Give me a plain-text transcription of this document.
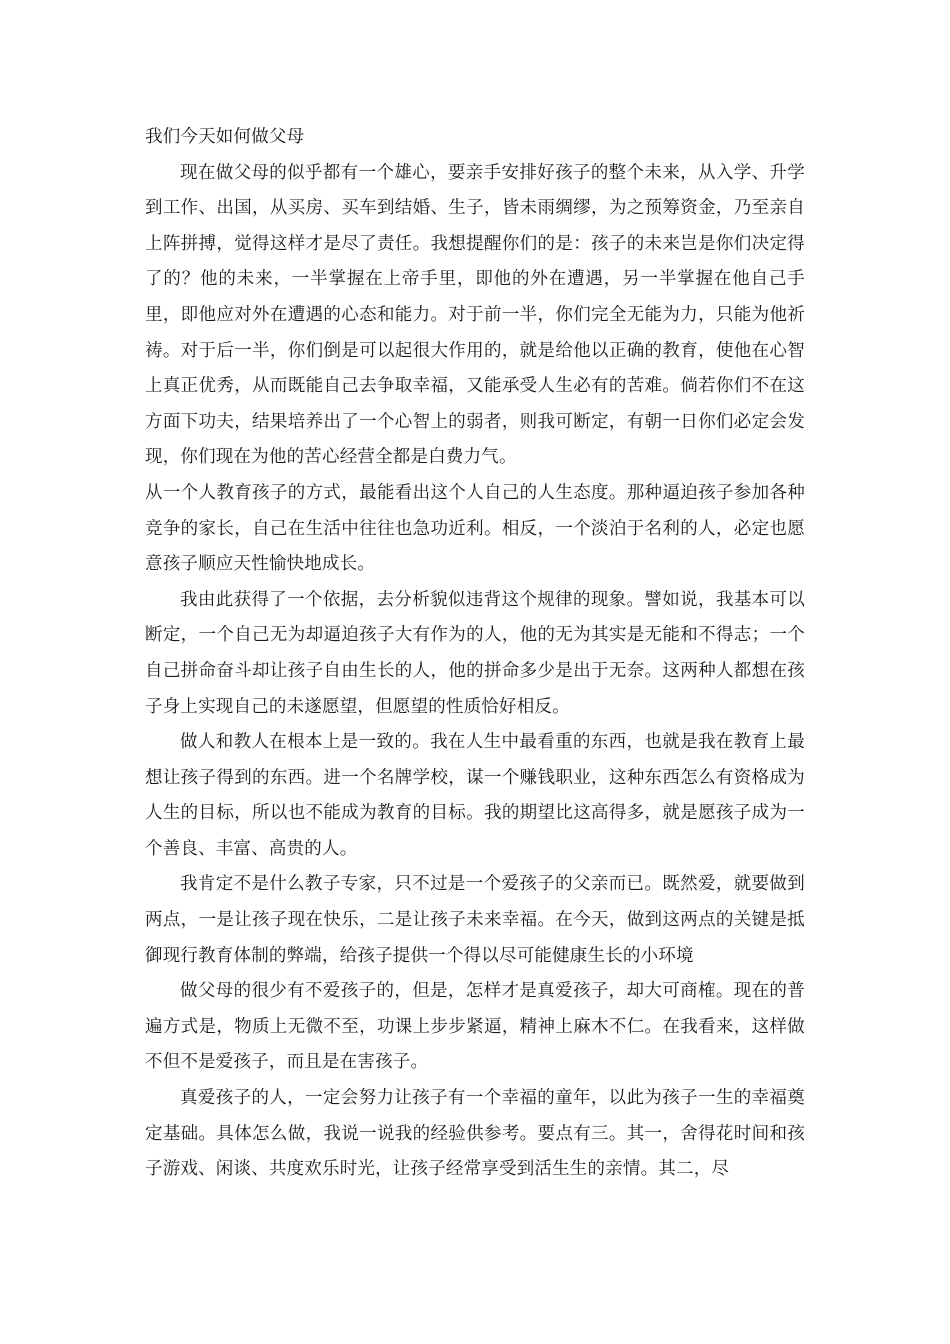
我们今天如何做父母

现在做父母的似乎都有一个雄心，要亲手安排好孩子的整个未来，从入学、升学到工作、出国，从买房、买车到结婚、生子，皆未雨绸缪，为之预筹资金，乃至亲自上阵拼搏，觉得这样才是尽了责任。我想提醒你们的是：孩子的未来岂是你们决定得了的？他的未来，一半掌握在上帝手里，即他的外在遭遇，另一半掌握在他自己手里，即他应对外在遭遇的心态和能力。对于前一半，你们完全无能为力，只能为他祈祷。对于后一半，你们倒是可以起很大作用的，就是给他以正确的教育，使他在心智上真正优秀，从而既能自己去争取幸福，又能承受人生必有的苦难。倘若你们不在这方面下功夫，结果培养出了一个心智上的弱者，则我可断定，有朝一日你们必定会发现，你们现在为他的苦心经营全都是白费力气。

从一个人教育孩子的方式，最能看出这个人自己的人生态度。那种逼迫孩子参加各种竞争的家长，自己在生活中往往也急功近利。相反，一个淡泊于名利的人，必定也愿意孩子顺应天性愉快地成长。

我由此获得了一个依据，去分析貌似违背这个规律的现象。譬如说，我基本可以断定，一个自己无为却逼迫孩子大有作为的人，他的无为其实是无能和不得志；一个自己拼命奋斗却让孩子自由生长的人，他的拼命多少是出于无奈。这两种人都想在孩子身上实现自己的未遂愿望，但愿望的性质恰好相反。

做人和教人在根本上是一致的。我在人生中最看重的东西，也就是我在教育上最想让孩子得到的东西。进一个名牌学校，谋一个赚钱职业，这种东西怎么有资格成为人生的目标，所以也不能成为教育的目标。我的期望比这高得多，就是愿孩子成为一个善良、丰富、高贵的人。

我肯定不是什么教子专家，只不过是一个爱孩子的父亲而已。既然爱，就要做到两点，一是让孩子现在快乐，二是让孩子未来幸福。在今天，做到这两点的关键是抵御现行教育体制的弊端，给孩子提供一个得以尽可能健康生长的小环境

做父母的很少有不爱孩子的，但是，怎样才是真爱孩子，却大可商榷。现在的普遍方式是，物质上无微不至，功课上步步紧逼，精神上麻木不仁。在我看来，这样做不但不是爱孩子，而且是在害孩子。

真爱孩子的人，一定会努力让孩子有一个幸福的童年，以此为孩子一生的幸福奠定基础。具体怎么做，我说一说我的经验供参考。要点有三。其一，舍得花时间和孩子游戏、闲谈、共度欢乐时光，让孩子经常享受到活生生的亲情。其二，尽
